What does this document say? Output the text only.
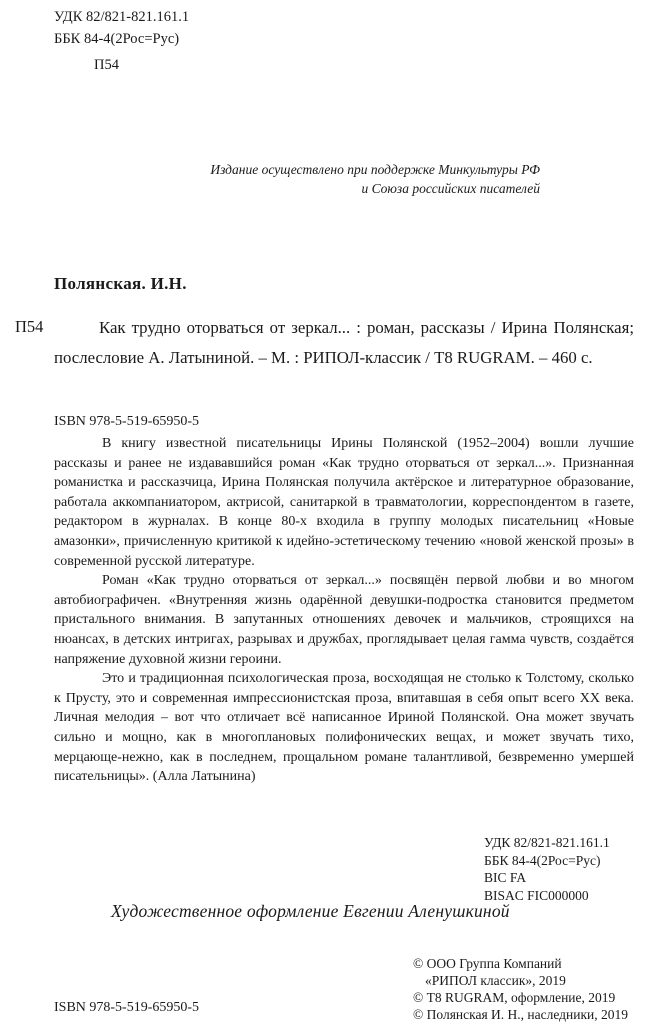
УДК 82/821-821.161.1
ББК 84-4(2Рос=Рус)
П54
Издание осуществлено при поддержке Минкультуры РФ
и Союза российских писателей
Полянская. И.Н.
П54	Как трудно оторваться от зеркал... : роман, рассказы / Ирина Полянская; послесловие А. Латыниной. – М. : РИПОЛ-классик / Т8 RUGRAM. – 460 с.
ISBN 978-5-519-65950-5

В книгу известной писательницы Ирины Полянской (1952–2004) вошли лучшие рассказы и ранее не издававшийся роман «Как трудно оторваться от зеркал...». Признанная романистка и рассказчица, Ирина Полянская получила актёрское и литературное образование, работала аккомпаниатором, актрисой, санитаркой в травматологии, корреспондентом в газете, редактором в журналах. В конце 80-х входила в группу молодых писательниц «Новые амазонки», причисленную критикой к идейно-эстетическому течению «новой женской прозы» в современной русской литературе.

Роман «Как трудно оторваться от зеркал...» посвящён первой любви и во многом автобиографичен. «Внутренняя жизнь одарённой девушки-подростка становится предметом пристального внимания. В запутанных отношениях девочек и мальчиков, строящихся на нюансах, в детских интригах, разрывах и дружбах, проглядывает целая гамма чувств, создаётся напряжение духовной жизни героини.

Это и традиционная психологическая проза, восходящая не столько к Толстому, сколько к Прусту, это и современная импрессионистская проза, впитавшая в себя опыт всего XX века. Личная мелодия – вот что отличает всё написанное Ириной Полянской. Она может звучать сильно и мощно, как в многоплановых полифонических вещах, и может звучать тихо, мерцающе-нежно, как в последнем, прощальном романе талантливой, безвременно умершей писательницы». (Алла Латынина)

УДК 82/821-821.161.1
ББК 84-4(2Рос=Рус)
BIC FA
BISAC FIC000000
Художественное оформление Евгении Аленушкиной
© ООО Группа Компаний
«РИПОЛ классик», 2019
© Т8 RUGRAM, оформление, 2019
© Полянская И. Н., наследники, 2019
ISBN 978-5-519-65950-5
